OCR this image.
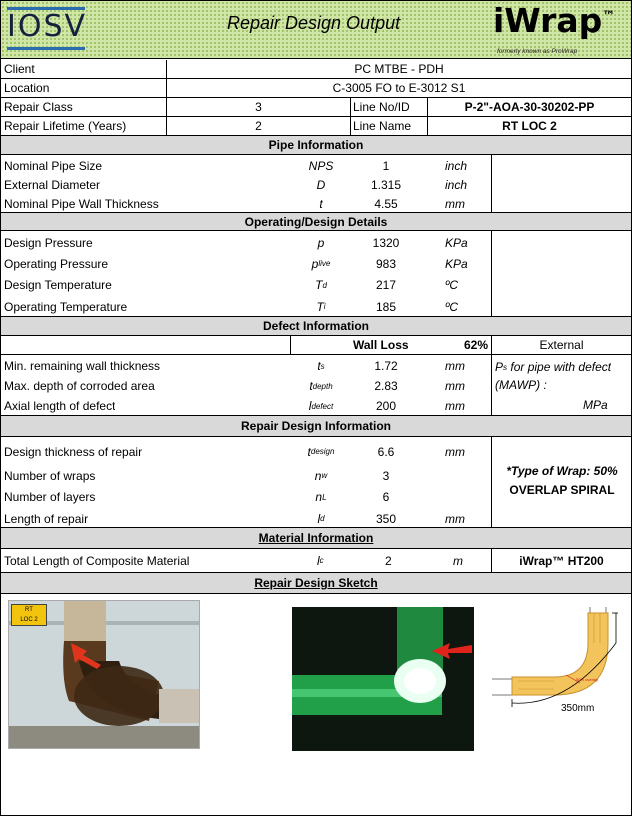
IOSV	Repair Design Output	iWrap™
formerly known as ProWrap
Client	PC MTBE - PDH
Location	C-3005 FO to E-3012 S1
Repair Class	3	Line No/ID	P-2"-AOA-30-30202-PP
Repair Lifetime (Years)	2	Line Name	RT LOC 2
Pipe Information
Operating/Design Details
Defect Information
Wall Loss	62%	External
P s
for pipe with defect
(MAWP) :
MPa
Repair Design Information
*Type of Wrap: 50%
OVERLAP SPIRAL
Material Information
Total Length of Composite Material	l c	2	m	iWrap™ HT200
Repair Design Sketch
RT
LOC 2
50% overlap
350mm
Nominal Pipe Size	NPS	1	inch
External Diameter	D	1.315	inch
Nominal Pipe Wall Thickness	t	4.55	mm
Design Pressure	p	1320	KPa
Operating Pressure	p live	983	KPa
Design Temperature	T d	217	ºC
Operating Temperature	T i	185	ºC
Min. remaining wall thickness	t s	1.72	mm
Max. depth of corroded area	t depth	2.83	mm
Axial length of defect	l defect	200	mm
Design thickness of repair	t design	6.6	mm
Number of wraps	n w	3
Number of layers	n L	6
Length of repair	l d	350	mm
